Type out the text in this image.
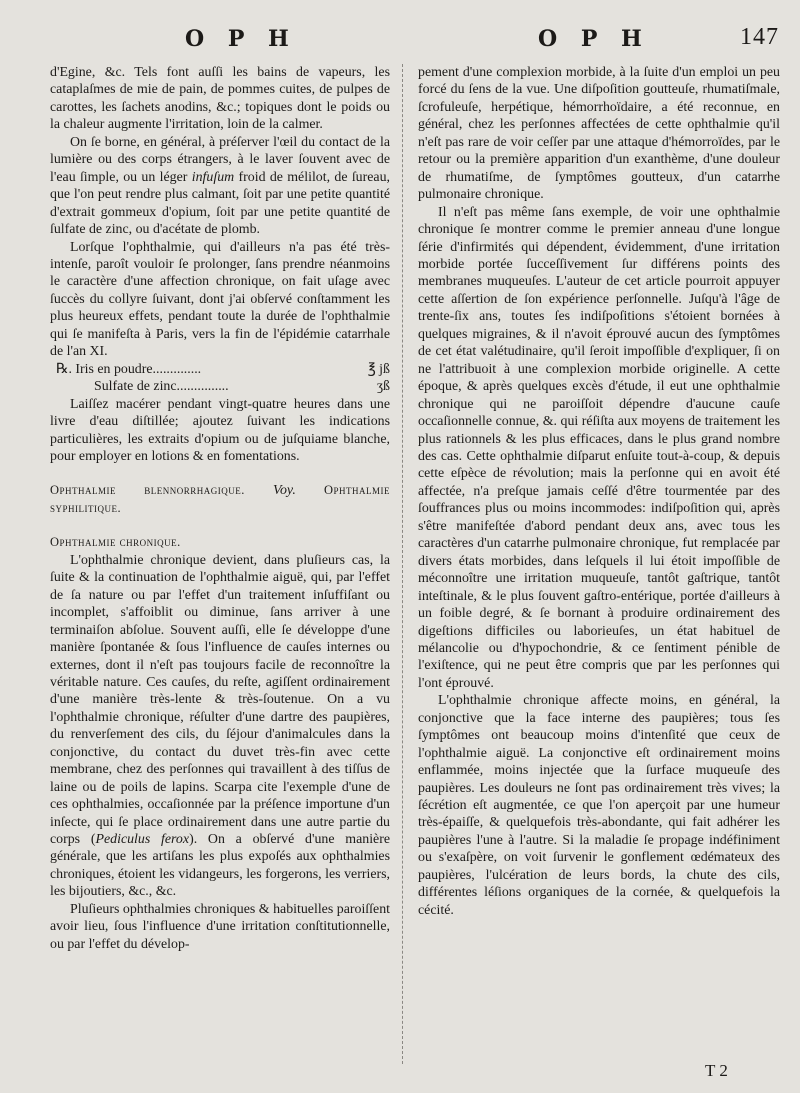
O P H	O P H	147

d'Egine, &c. Tels font auſſi les bains de vapeurs, les cataplaſmes de mie de pain, de pommes cuites, de pulpes de carottes, les ſachets anodins, &c.; topiques dont le poids ou la chaleur augmente l'irritation, loin de la calmer.

On ſe borne, en général, à préſerver l'œil du contact de la lumière ou des corps étrangers, à le laver ſouvent avec de l'eau ſimple, ou un léger infuſum froid de mélilot, de ſureau, que l'on peut rendre plus calmant, ſoit par une petite quantité d'extrait gommeux d'opium, ſoit par une petite quantité de ſulfate de zinc, ou d'acétate de plomb.

Lorſque l'ophthalmie, qui d'ailleurs n'a pas été très-intenſe, paroît vouloir ſe prolonger, ſans prendre néanmoins le caractère d'une affection chronique, on fait uſage avec ſuccès du collyre ſuivant, dont j'ai obſervé conſtamment les plus heureux effets, pendant toute la durée de l'ophthalmie qui ſe manifeſta à Paris, vers la fin de l'épidémie catarrhale de l'an XI.

℞. Iris en poudre..............	℥ jß
Sulfate de zinc...............	ʒß

Laiſſez macérer pendant vingt-quatre heures dans une livre d'eau diſtillée; ajoutez ſuivant les indications particulières, les extraits d'opium ou de juſquiame blanche, pour employer en lotions & en fomentations.

Ophthalmie blennorrhagique. Voy. Ophthalmie syphilitique.

Ophthalmie chronique.

L'ophthalmie chronique devient, dans pluſieurs cas, la ſuite & la continuation de l'ophthalmie aiguë, qui, par l'effet de ſa nature ou par l'effet d'un traitement inſuffiſant ou incomplet, s'affoiblit ou diminue, ſans arriver à une terminaiſon abſolue. Souvent auſſi, elle ſe développe d'une manière ſpontanée & ſous l'influence de cauſes internes ou externes, dont il n'eſt pas toujours facile de reconnoître la véritable nature. Ces cauſes, du reſte, agiſſent ordinairement d'une manière très-lente & très-ſoutenue. On a vu l'ophthalmie chronique, réſulter d'une dartre des paupières, du renverſement des cils, du ſéjour d'animalcules dans la conjonctive, du contact du duvet très-fin avec cette membrane, chez des perſonnes qui travaillent à des tiſſus de laine ou de poils de lapins. Scarpa cite l'exemple d'une de ces ophthalmies, occaſionnée par la préſence importune d'un inſecte, qui ſe place ordinairement dans une autre partie du corps (Pediculus ferox). On a obſervé d'une manière générale, que les artiſans les plus expoſés aux ophthalmies chroniques, étoient les vidangeurs, les forgerons, les verriers, les bijoutiers, &c., &c.

Pluſieurs ophthalmies chroniques & habituelles paroiſſent avoir lieu, ſous l'influence d'une irritation conſtitutionnelle, ou par l'effet du dévelop-

pement d'une complexion morbide, à la ſuite d'un emploi un peu forcé du ſens de la vue. Une diſpoſition goutteuſe, rhumatiſmale, ſcrofuleuſe, herpétique, hémorrhoïdaire, a été reconnue, en général, chez les perſonnes affectées de cette ophthalmie qu'il n'eſt pas rare de voir ceſſer par une attaque d'hémorroïdes, par le retour ou la première apparition d'un exanthème, d'une douleur de rhumatiſme, de ſymptômes goutteux, d'un catarrhe pulmonaire chronique.

Il n'eſt pas même ſans exemple, de voir une ophthalmie chronique ſe montrer comme le premier anneau d'une longue ſérie d'infirmités qui dépendent, évidemment, d'une irritation morbide portée ſucceſſivement ſur différens points des membranes muqueuſes. L'auteur de cet article pourroit appuyer cette aſſertion de ſon expérience perſonnelle. Juſqu'à l'âge de trente-ſix ans, toutes ſes indiſpoſitions s'étoient bornées à quelques migraines, & il n'avoit éprouvé aucun des ſymptômes de cet état valétudinaire, qu'il ſeroit impoſſible d'expliquer, ſi on ne l'attribuoit à une complexion morbide originelle. A cette époque, & après quelques excès d'étude, il eut une ophthalmie chronique qui ne paroiſſoit dépendre d'aucune cauſe occaſionnelle connue, &. qui réſiſta aux moyens de traitement les plus rationnels & les plus efficaces, dans le plus grand nombre des cas. Cette ophthalmie diſparut enſuite tout-à-coup, & depuis cette eſpèce de révolution; mais la perſonne qui en avoit été affectée, n'a preſque jamais ceſſé d'être tourmentée par des ſouffrances plus ou moins incommodes: indiſpoſition qui, après s'être manifeſtée d'abord pendant deux ans, avec tous les caractères d'un catarrhe pulmonaire chronique, fut remplacée par divers états morbides, dans leſquels il lui étoit impoſſible de méconnoître une irritation muqueuſe, tantôt gaſtrique, tantôt inteſtinale, & le plus ſouvent gaſtro-entérique, portée d'ailleurs à un foible degré, & ſe bornant à produire ordinairement des digeſtions difficiles ou laborieuſes, un état habituel de mélancolie ou d'hypochondrie, & ce ſentiment pénible de l'exiſtence, qui ne peut être compris que par les perſonnes qui l'ont éprouvé.

L'ophthalmie chronique affecte moins, en général, la conjonctive que la face interne des paupières; tous ſes ſymptômes ont beaucoup moins d'intenſité que ceux de l'ophthalmie aiguë. La conjonctive eſt ordinairement moins enflammée, moins injectée que la ſurface muqueuſe des paupières. Les douleurs ne ſont pas ordinairement très vives; la ſécrétion eſt augmentée, ce que l'on aperçoit par une humeur très-épaiſſe, & quelquefois très-abondante, qui fait adhérer les paupières l'une à l'autre. Si la maladie ſe propage indéfiniment ou s'exaſpère, on voit ſurvenir le gonflement œdémateux des paupières, l'ulcération de leurs bords, la chute des cils, différentes léſions organiques de la cornée, & quelquefois la cécité.

T 2
